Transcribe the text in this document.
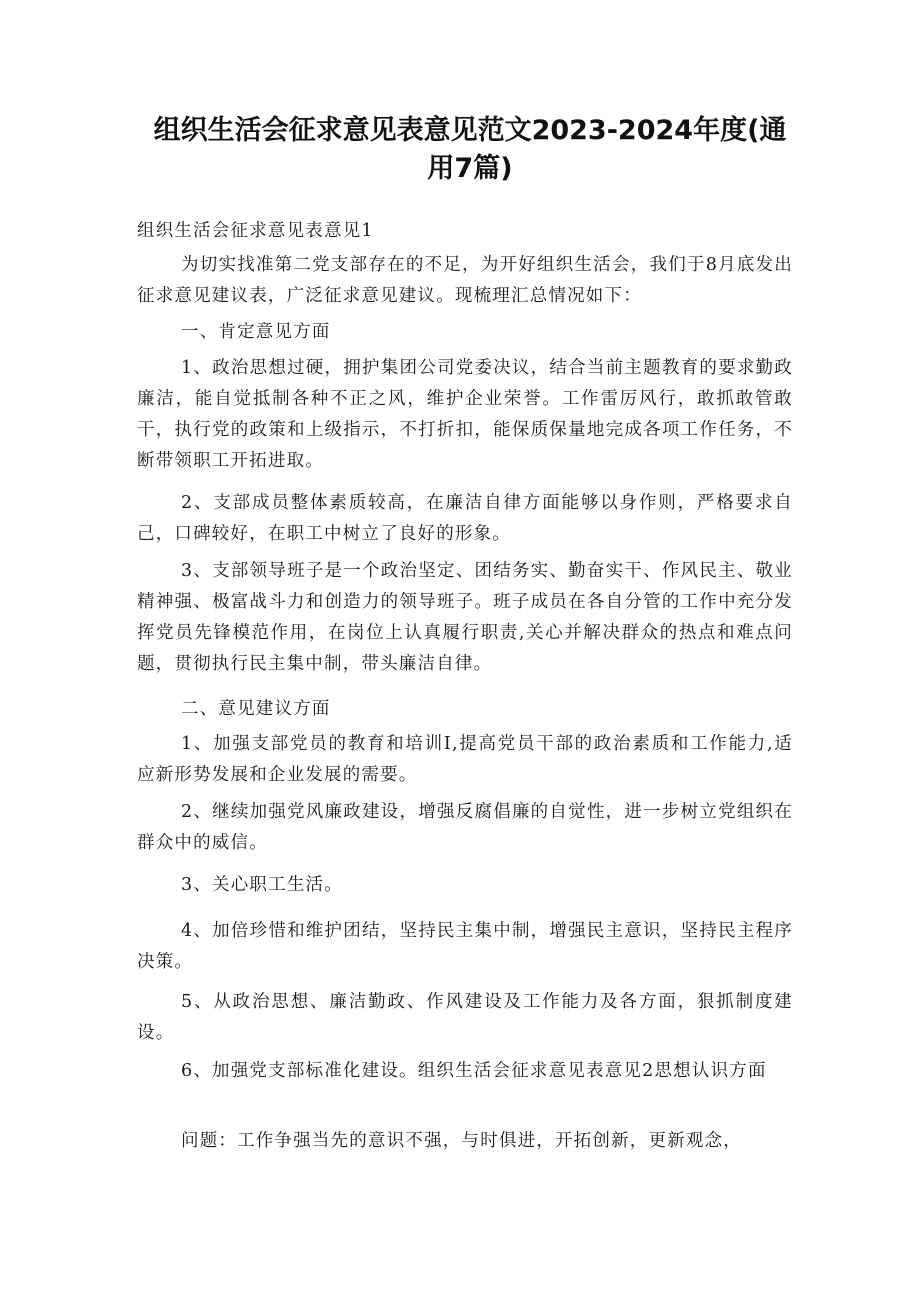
组织生活会征求意见表意见范文2023-2024年度(通用7篇)

组织生活会征求意见表意见1

为切实找准第二党支部存在的不足，为开好组织生活会，我们于8月底发出征求意见建议表，广泛征求意见建议。现梳理汇总情况如下：

一、肯定意见方面

1、政治思想过硬，拥护集团公司党委决议，结合当前主题教育的要求勤政廉洁，能自觉抵制各种不正之风，维护企业荣誉。工作雷厉风行，敢抓敢管敢干，执行党的政策和上级指示，不打折扣，能保质保量地完成各项工作任务，不断带领职工开拓进取。

2、支部成员整体素质较高，在廉洁自律方面能够以身作则，严格要求自己，口碑较好，在职工中树立了良好的形象。

3、支部领导班子是一个政治坚定、团结务实、勤奋实干、作风民主、敬业精神强、极富战斗力和创造力的领导班子。班子成员在各自分管的工作中充分发挥党员先锋模范作用，在岗位上认真履行职责,关心并解决群众的热点和难点问题，贯彻执行民主集中制，带头廉洁自律。

二、意见建议方面

1、加强支部党员的教育和培训I,提高党员干部的政治素质和工作能力,适应新形势发展和企业发展的需要。

2、继续加强党风廉政建设，增强反腐倡廉的自觉性，进一步树立党组织在群众中的威信。

3、关心职工生活。

4、加倍珍惜和维护团结，坚持民主集中制，增强民主意识，坚持民主程序决策。

5、从政治思想、廉洁勤政、作风建设及工作能力及各方面，狠抓制度建设。

6、加强党支部标准化建设。组织生活会征求意见表意见2思想认识方面

问题：工作争强当先的意识不强，与时俱进，开拓创新，更新观念，
